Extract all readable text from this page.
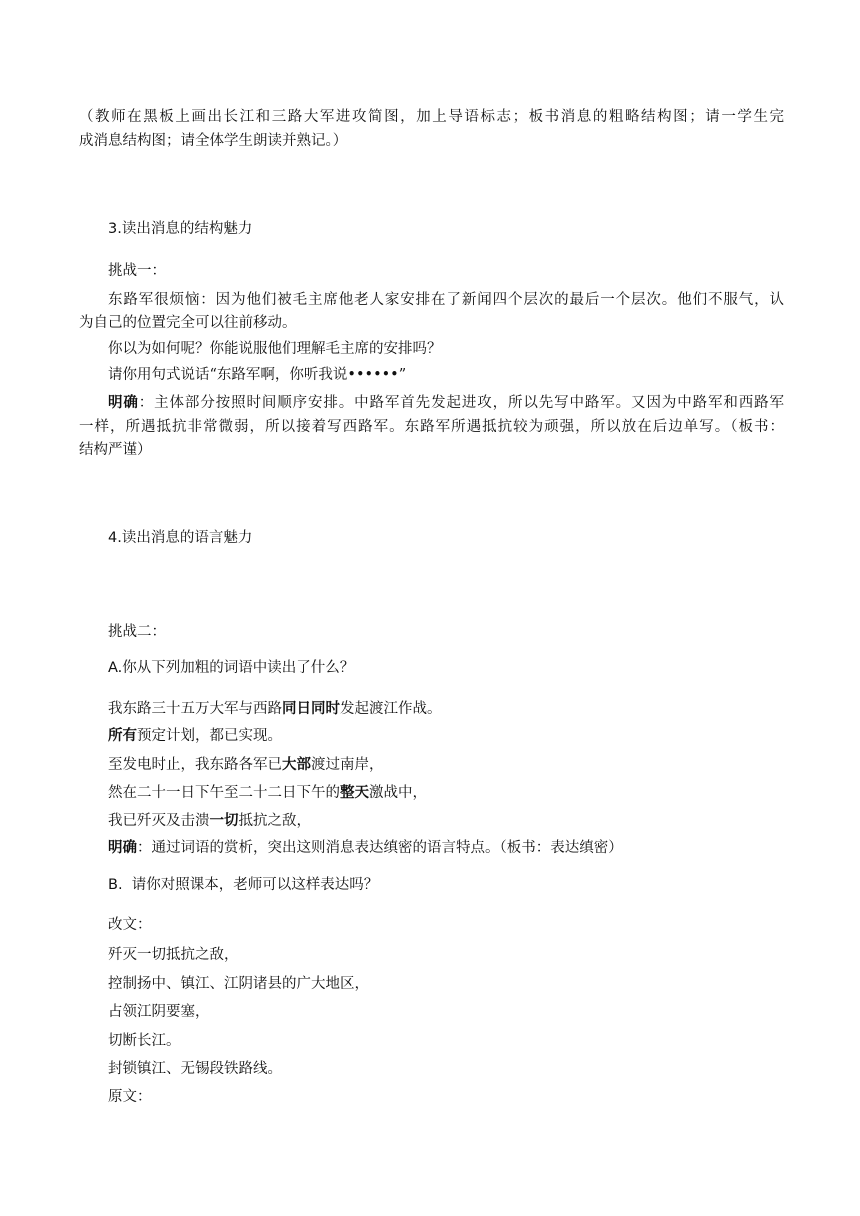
（教师在黑板上画出长江和三路大军进攻简图，加上导语标志；板书消息的粗略结构图；请一学生完
成消息结构图；请全体学生朗读并熟记。）
3.读出消息的结构魅力
挑战一：
东路军很烦恼：因为他们被毛主席他老人家安排在了新闻四个层次的最后一个层次。他们不服气，认
为自己的位置完全可以往前移动。
你以为如何呢？你能说服他们理解毛主席的安排吗？
请你用句式说话“东路军啊，你听我说••••••”
明确：主体部分按照时间顺序安排。中路军首先发起进攻，所以先写中路军。又因为中路军和西路军
一样，所遇抵抗非常微弱，所以接着写西路军。东路军所遇抵抗较为顽强，所以放在后边单写。（板书：
结构严谨）
4.读出消息的语言魅力
挑战二：
A.你从下列加粗的词语中读出了什么？
我东路三十五万大军与西路同日同时发起渡江作战。
所有预定计划，都已实现。
至发电时止，我东路各军已大部渡过南岸，
然在二十一日下午至二十二日下午的整天激战中，
我已歼灭及击溃一切抵抗之敌，
明确：通过词语的赏析，突出这则消息表达缜密的语言特点。（板书：表达缜密）
B. 请你对照课本，老师可以这样表达吗？
改文：
歼灭一切抵抗之敌，
控制扬中、镇江、江阴诸县的广大地区，
占领江阴要塞，
切断长江。
封锁镇江、无锡段铁路线。
原文：
